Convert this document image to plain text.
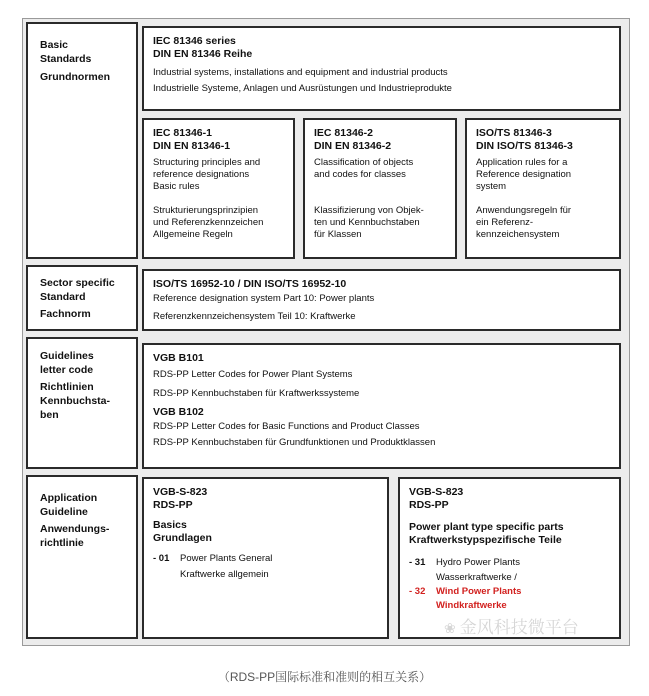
Basic
Standards
Grundnormen
IEC 81346 series
DIN EN 81346 Reihe
Industrial systems, installations and equipment and industrial products
Industrielle Systeme, Anlagen und Ausrüstungen und Industrieprodukte
IEC 81346-1
DIN EN 81346-1
Structuring principles and
reference designations
Basic rules
Strukturierungsprinzipien
und Referenzkennzeichen
Allgemeine Regeln
IEC 81346-2
DIN EN 81346-2
Classification of objects
and codes for classes
Klassifizierung von Objek-
ten und Kennbuchstaben
für Klassen
ISO/TS 81346-3
DIN ISO/TS 81346-3
Application rules for a
Reference designation
system
Anwendungsregeln für
ein Referenz-
kennzeichensystem
Sector specific
Standard
Fachnorm
ISO/TS 16952-10 / DIN ISO/TS 16952-10
Reference designation system Part 10: Power plants
Referenzkennzeichensystem Teil 10: Kraftwerke
Guidelines
letter code
Richtlinien
Kennbuchsta-
ben
VGB B101
RDS-PP Letter Codes for Power Plant Systems
RDS-PP Kennbuchstaben für Kraftwerkssysteme
VGB B102
RDS-PP Letter Codes for Basic Functions and Product Classes
RDS-PP Kennbuchstaben für Grundfunktionen und Produktklassen
Application
Guideline
Anwendungs-
richtlinie
VGB-S-823
RDS-PP
Basics
Grundlagen
- 01 Power Plants General
Kraftwerke allgemein
VGB-S-823
RDS-PP
Power plant type specific parts
Kraftwerkstypspezifische Teile
- 31 Hydro Power Plants
Wasserkraftwerke /
- 32 Wind Power Plants
Windkraftwerke
❀ 金风科技微平台
（RDS-PP国际标准和准则的相互关系）
